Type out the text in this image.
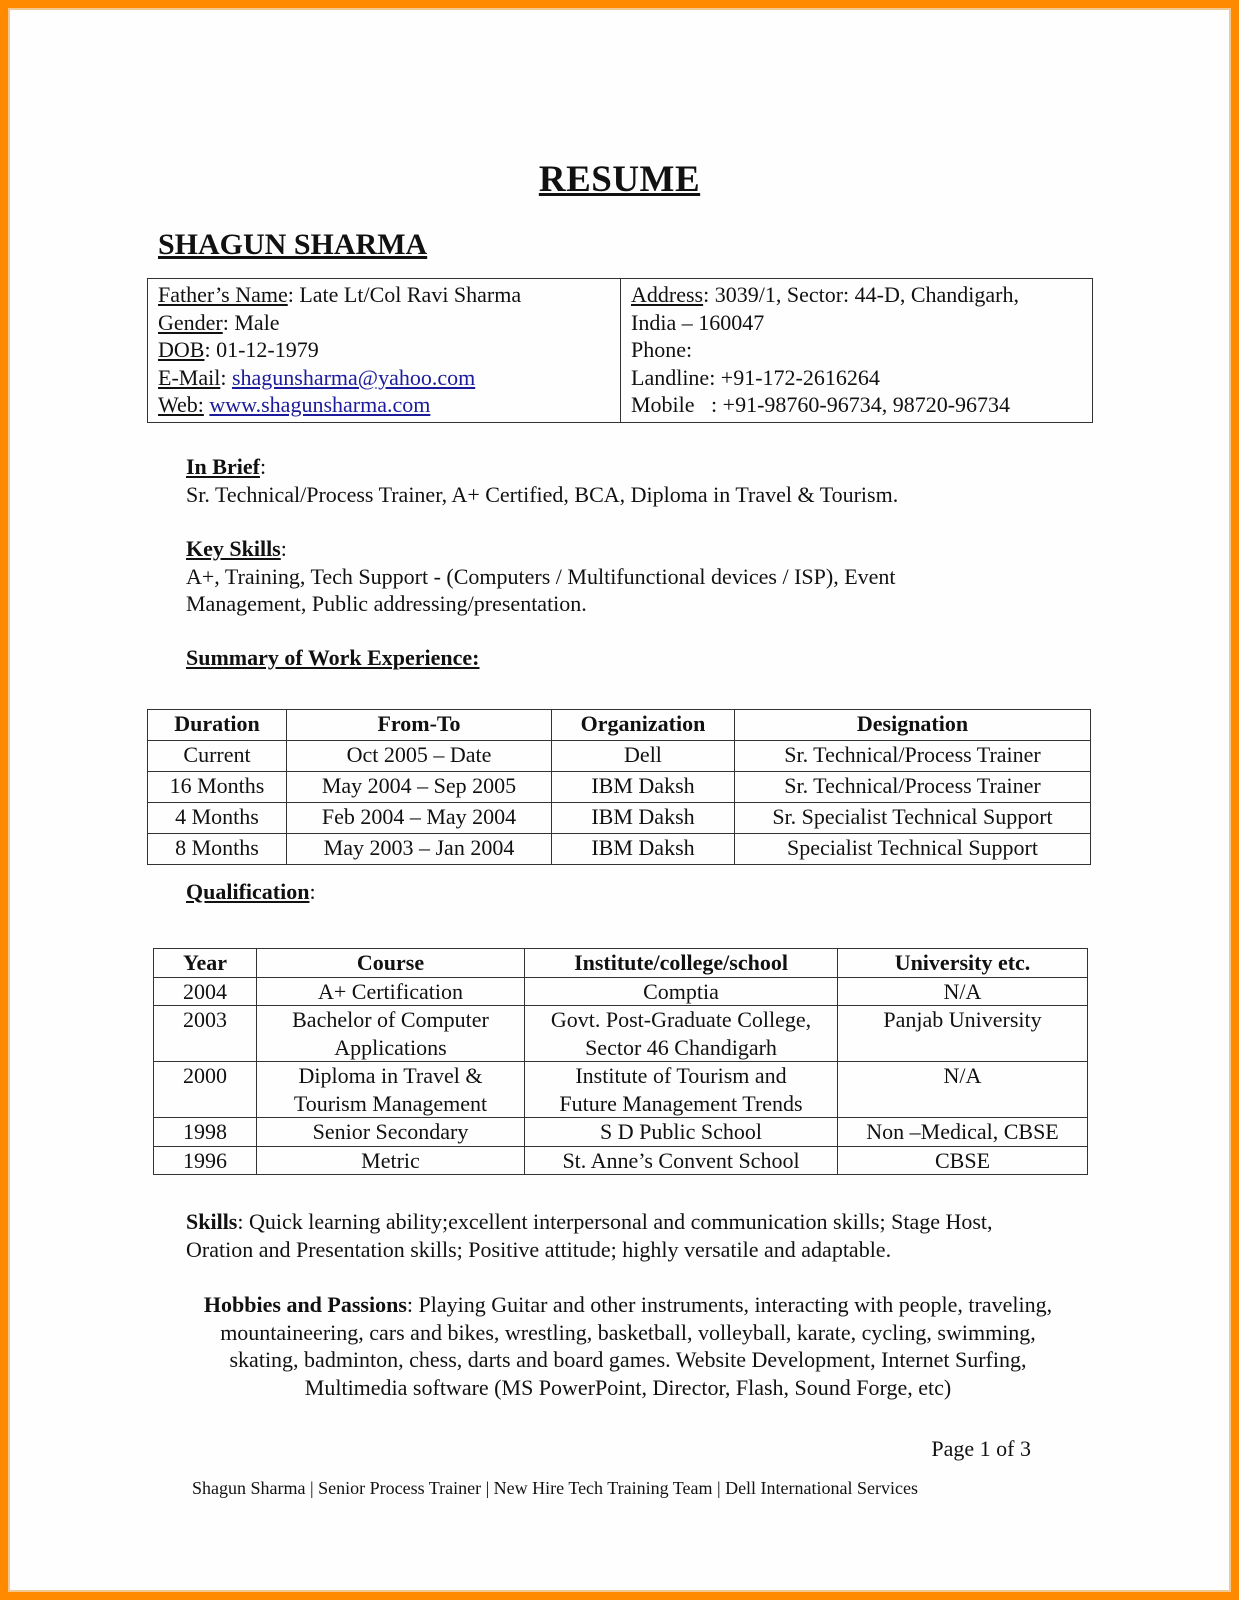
RESUME
SHAGUN SHARMA
Father’s Name: Late Lt/Col Ravi Sharma
Gender: Male
DOB: 01-12-1979
E-Mail: shagunsharma@yahoo.com
Web: www.shagunsharma.com
Address: 3039/1, Sector: 44-D, Chandigarh,
India – 160047
Phone:
Landline: +91-172-2616264
Mobile   : +91-98760-96734, 98720-96734
In Brief:
Sr. Technical/Process Trainer, A+ Certified, BCA, Diploma in Travel & Tourism.
Key Skills:
A+, Training, Tech Support - (Computers / Multifunctional devices / ISP), Event
Management, Public addressing/presentation.
Summary of Work Experience:
Duration	From-To	Organization	Designation
Current	Oct 2005 – Date	Dell	Sr. Technical/Process Trainer
16 Months	May 2004 – Sep 2005	IBM Daksh	Sr. Technical/Process Trainer
4 Months	Feb 2004 – May 2004	IBM Daksh	Sr. Specialist Technical Support
8 Months	May 2003 – Jan 2004	IBM Daksh	Specialist Technical Support
Qualification:
Year	Course	Institute/college/school	University etc.
2004	A+ Certification	Comptia	N/A
2003	Bachelor of Computer Applications	Govt. Post-Graduate College, Sector 46 Chandigarh	Panjab University
2000	Diploma in Travel & Tourism Management	Institute of Tourism and Future Management Trends	N/A
1998	Senior Secondary	S D Public School	Non –Medical, CBSE
1996	Metric	St. Anne’s Convent School	CBSE
Skills: Quick learning ability;excellent interpersonal and communication skills; Stage Host, Oration and Presentation skills; Positive attitude; highly versatile and adaptable.
Hobbies and Passions: Playing Guitar and other instruments, interacting with people, traveling, mountaineering, cars and bikes, wrestling, basketball, volleyball, karate, cycling, swimming, skating, badminton, chess, darts and board games. Website Development, Internet Surfing, Multimedia software (MS PowerPoint, Director, Flash, Sound Forge, etc)
Page 1 of 3
Shagun Sharma | Senior Process Trainer | New Hire Tech Training Team | Dell International Services
